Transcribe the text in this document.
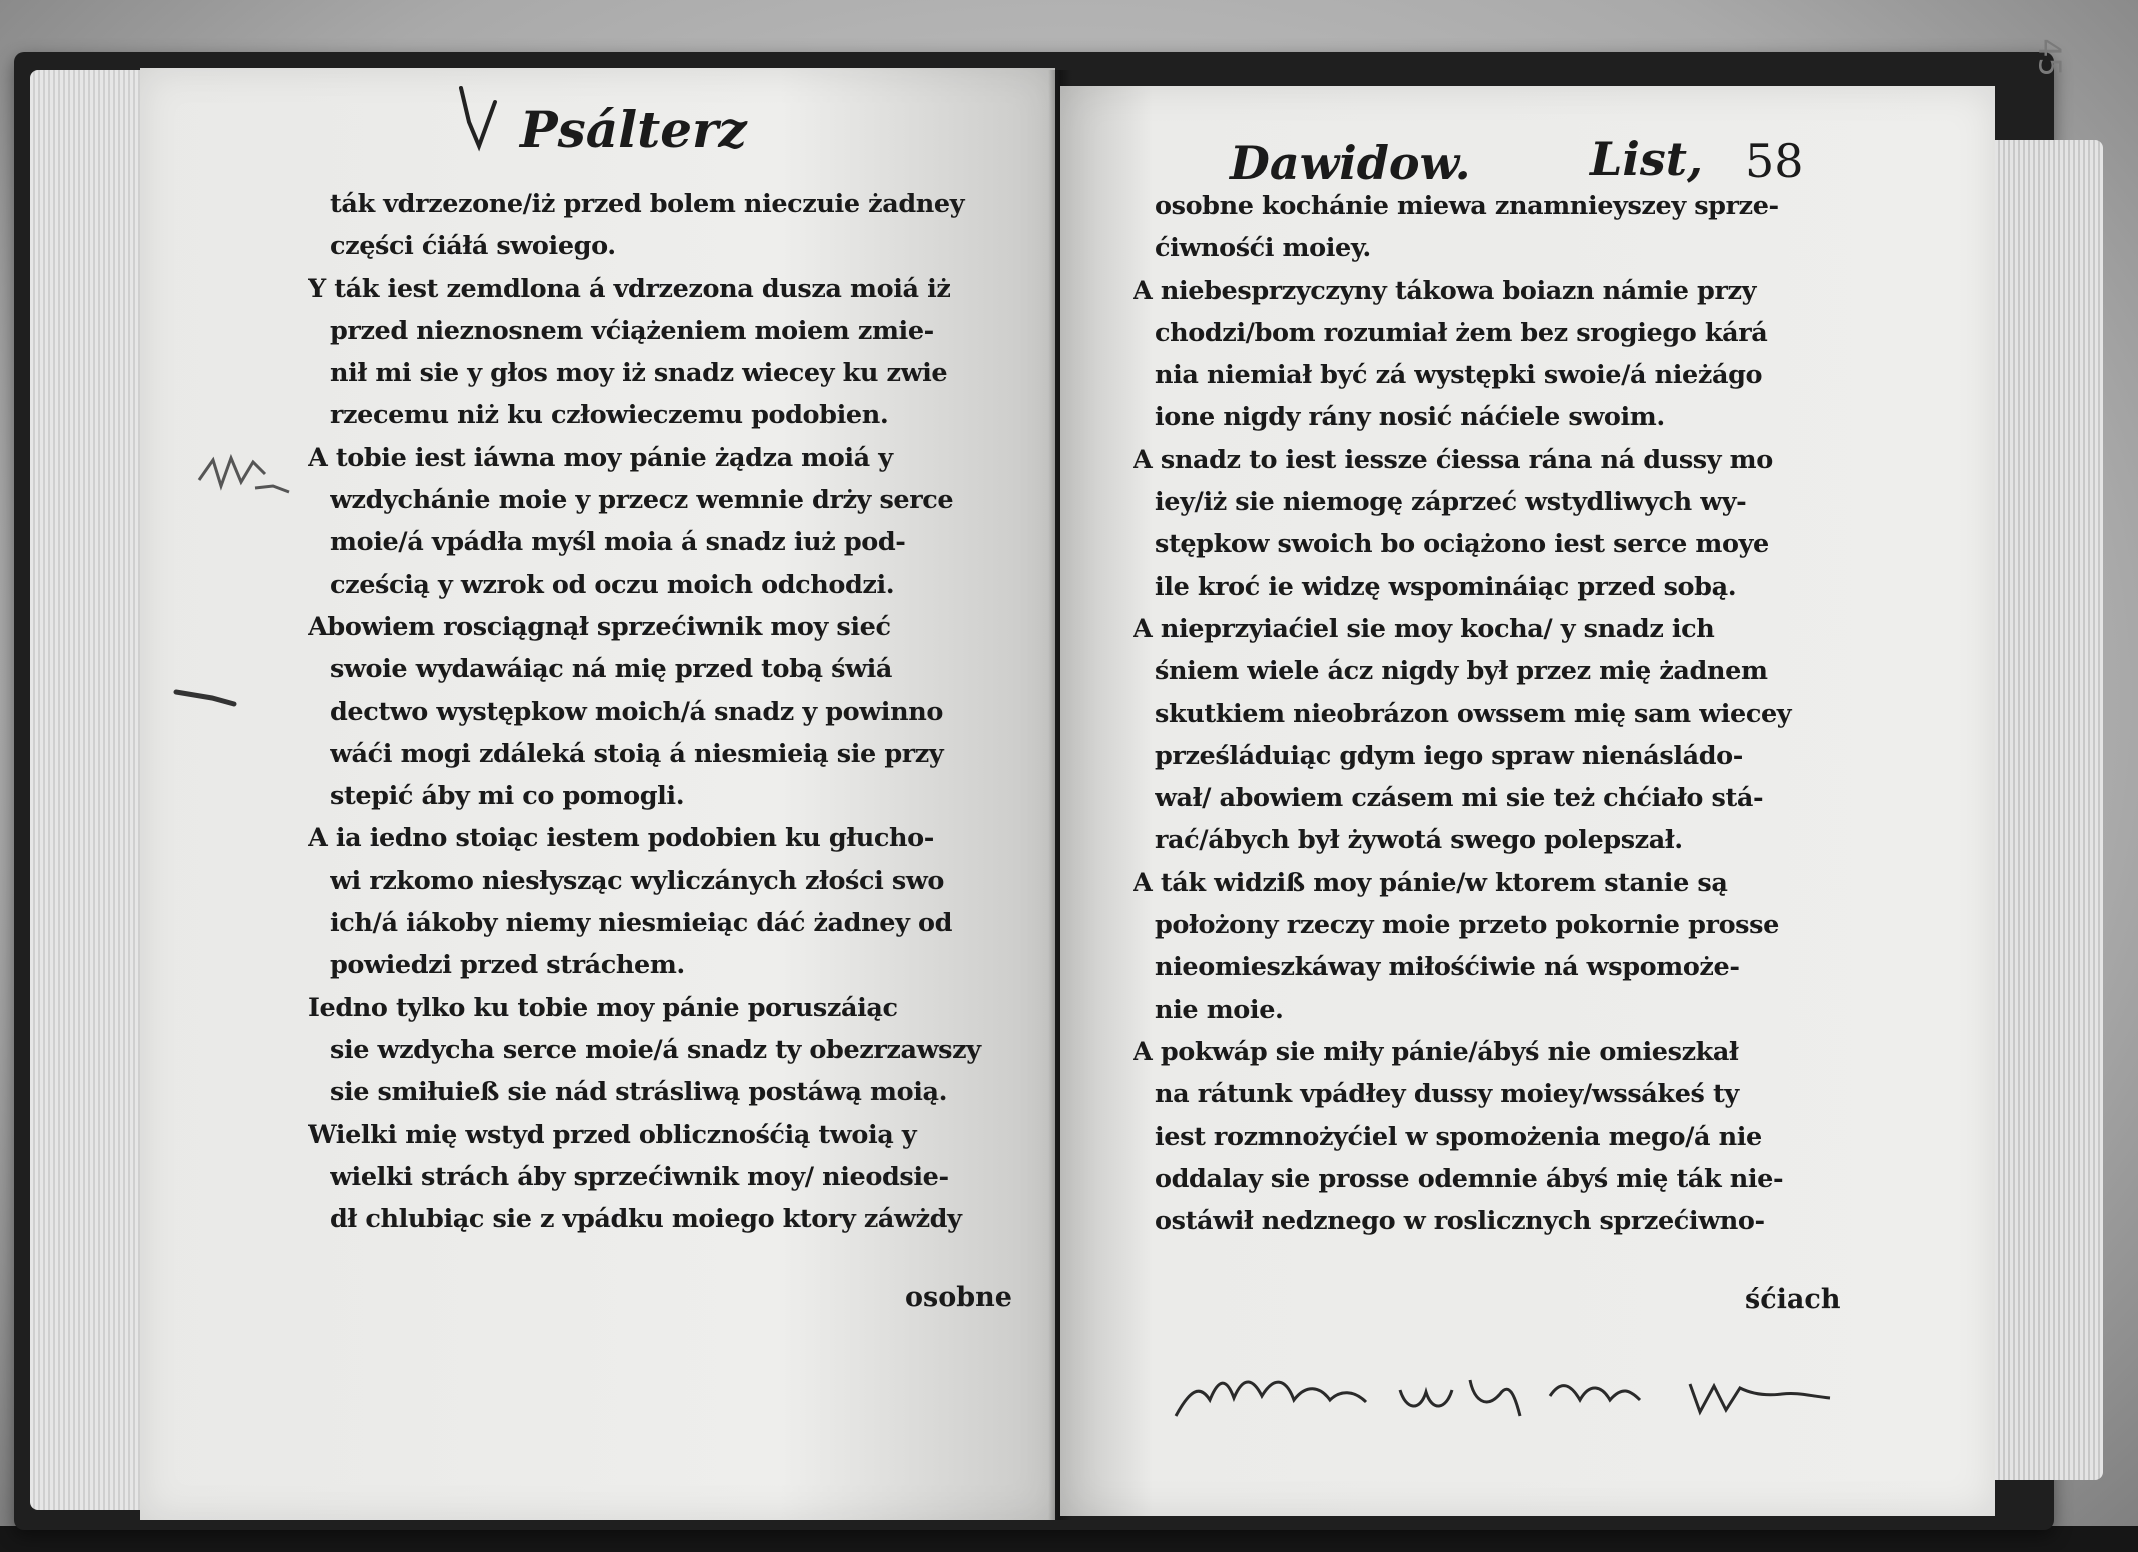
Psálterz
ták vdrzezone/iż przed bolem nieczuie żadney
części ćiáłá swoiego.
Y ták iest zemdlona á vdrzezona dusza moiá iż
przed nieznosnem vćiążeniem moiem zmie-
nił mi sie y głos moy iż snadz wiecey ku zwie
rzecemu niż ku człowieczemu podobien.
A tobie iest iáwna moy pánie żądza moiá y
wzdychánie moie y przecz wemnie drży serce
moie/á vpádła myśl moia á snadz iuż pod-
cześcią y wzrok od oczu moich odchodzi.
Abowiem rosciągnął sprzećiwnik moy sieć
swoie wydawáiąc ná mię przed tobą świá
dectwo występkow moich/á snadz y powinno
wáći mogi zdáleká stoią á niesmieią sie przy
stepić áby mi co pomogli.
A ia iedno stoiąc iestem podobien ku głucho-
wi rzkomo niesłysząc wyliczánych złości swo
ich/á iákoby niemy niesmieiąc dáć żadney od
powiedzi przed stráchem.
Iedno tylko ku tobie moy pánie poruszáiąc
sie wzdycha serce moie/á snadz ty obezrzawszy
sie smiłuieß sie nád strásliwą postáwą moią.
Wielki mię wstyd przed oblicznośćią twoią y
wielki strách áby sprzećiwnik moy/ nieodsie-
dł chlubiąc sie z vpádku moiego ktory záwżdy
osobne
Dawidow.	List, 58
osobne kochánie miewa znamnieyszey sprze-
ćiwnośći moiey.
A niebesprzyczyny tákowa boiazn námie przy
chodzi/bom rozumiał żem bez srogiego kárá
nia niemiał być zá występki swoie/á nieżágo
ione nigdy rány nosić náćiele swoim.
A snadz to iest iessze ćiessa rána ná dussy mo
iey/iż sie niemogę záprzeć wstydliwych wy-
stępkow swoich bo ociążono iest serce moye
ile kroć ie widzę wspomináiąc przed sobą.
A nieprzyiaćiel sie moy kocha/ y snadz ich
śniem wiele ácz nigdy był przez mię żadnem
skutkiem nieobrázon owssem mię sam wiecey
prześláduiąc gdym iego spraw nienásládo-
wał/ abowiem czásem mi sie też chćiało stá-
rać/ábych był żywotá swego polepszał.
A ták widziß moy pánie/w ktorem stanie są
położony rzeczy moie przeto pokornie prosse
nieomieszkáway miłośćiwie ná wspomoże-
nie moie.
A pokwáp sie miły pánie/ábyś nie omieszkał
na rátunk vpádłey dussy moiey/wssákeś ty
iest rozmnożyćiel w spomożenia mego/á nie
oddalay sie prosse odemnie ábyś mię ták nie-
ostáwił nedznego w roslicznych sprzećiwno-
śćiach
45
